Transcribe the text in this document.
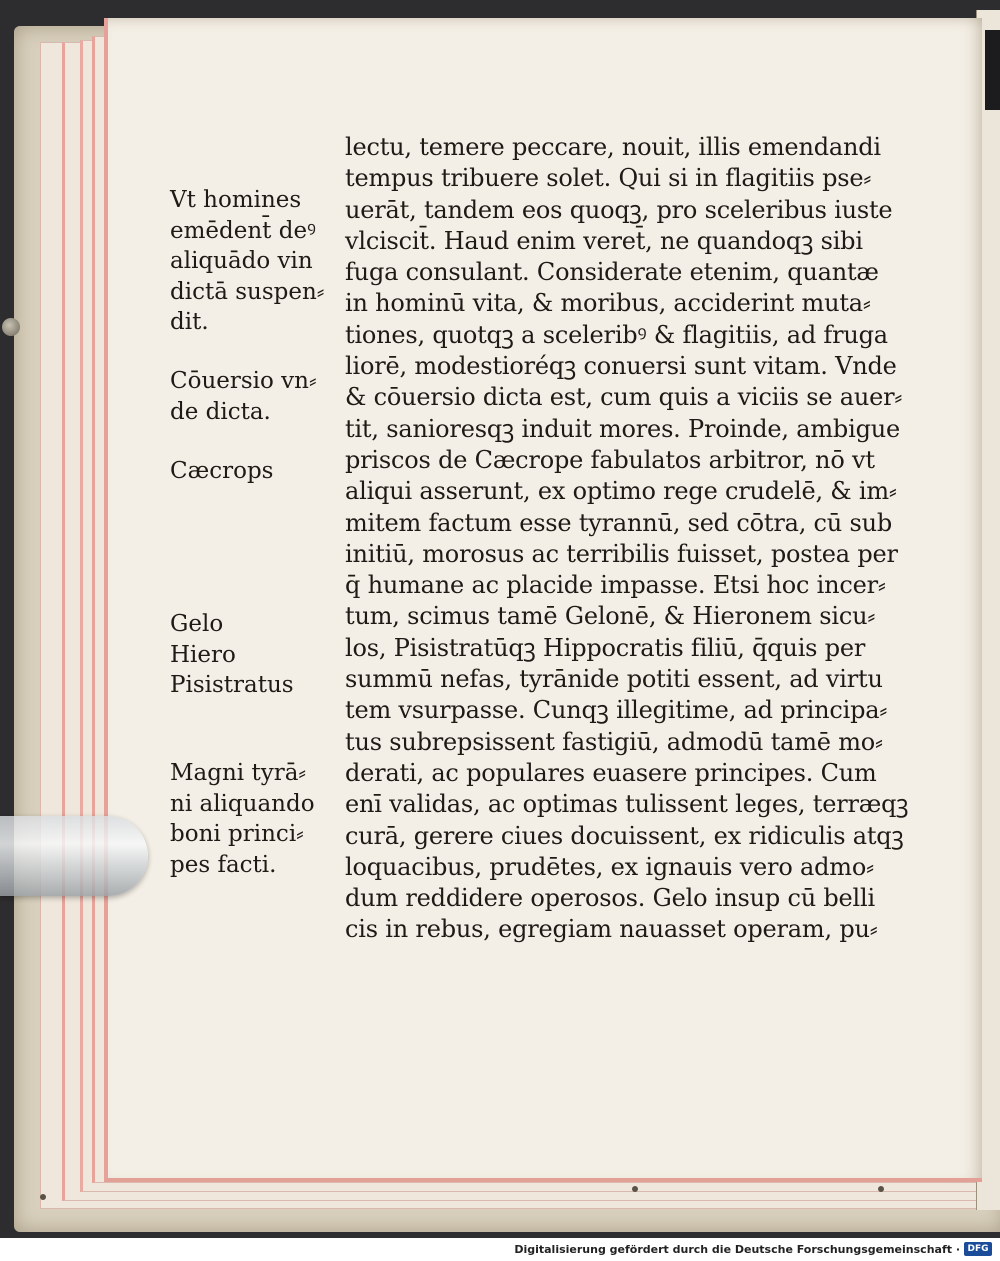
Vt homines
emēdent̄ deꝰ
aliquādo vin
dictā suspen⸗
dit.
Cōuersio vn⸗
de dicta.
Cæcrops
Gelo
Hiero
Pisistratus
Magni tyrā⸗
ni aliquando
boni princi⸗
pes facti.
lectu, temere peccare, nouit, illis emendandi
tempus tribuere solet. Qui si in flagitiis pse⸗
uerāt, tandem eos quoqꝫ, pro sceleribus iuste
vlciscit̄. Haud enim veret̄, ne quandoqꝫ sibi
fuga consulant. Considerate etenim, quantæ
in hominū vita, & moribus, acciderint muta⸗
tiones, quotqꝫ a sceleribꝰ & flagitiis, ad fruga
liorē, modestioréqꝫ conuersi sunt vitam. Vnde
& cōuersio dicta est, cum quis a viciis se auer⸗
tit, sanioresqꝫ induit mores. Proinde, ambigue
priscos de Cæcrope fabulatos arbitror, nō vt
aliqui asserunt, ex optimo rege crudelē, & im⸗
mitem factum esse tyrannū, sed cōtra, cū sub
initiū, morosus ac terribilis fuisset, postea per
q̄ humane ac placide impasse. Etsi hoc incer⸗
tum, scimus tamē Gelonē, & Hieronem sicu⸗
los, Pisistratūqꝫ Hippocratis filiū, q̄quis per
summū nefas, tyrānide potiti essent, ad virtu
tem vsurpasse. Cunqꝫ illegitime, ad principa⸗
tus subrepsissent fastigiū, admodū tamē mo⸗
derati, ac populares euasere principes. Cum
enī validas, ac optimas tulissent leges, terræqꝫ
curā, gerere ciues docuissent, ex ridiculis atqꝫ
loquacibus, prudētes, ex ignauis vero admo⸗
dum reddidere operosos. Gelo insup cū belli
cis in rebus, egregiam nauasset operam, pu⸗
Digitalisierung gefördert durch die Deutsche Forschungsgemeinschaft · DFG
